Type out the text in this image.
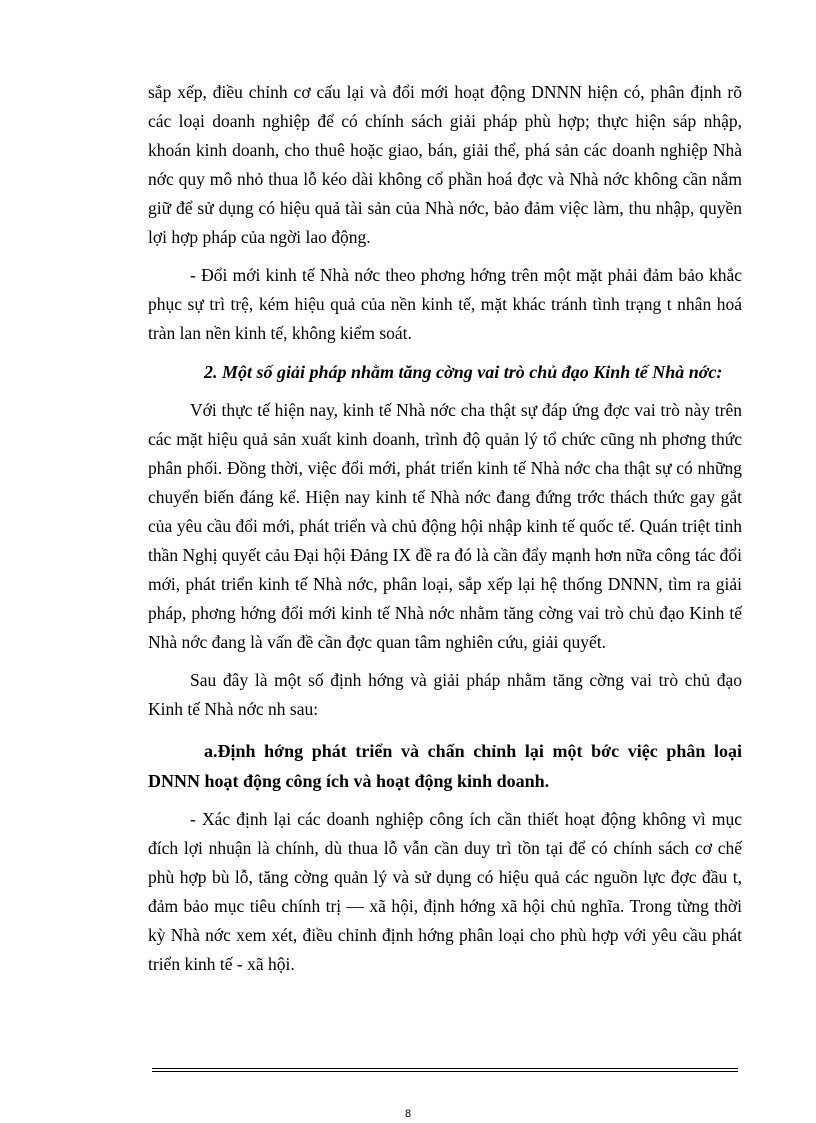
sắp xếp, điều chỉnh cơ cấu lại và đổi mới hoạt động DNNN hiện có, phân định rõ các loại doanh nghiệp để có chính sách giải pháp phù hợp; thực hiện sáp nhập, khoán kinh doanh, cho thuê hoặc giao, bán, giải thể, phá sản các doanh nghiệp Nhà nớc quy mô nhỏ thua lỗ kéo dài không cổ phần hoá đợc và Nhà nớc không cần nắm giữ để sử dụng có hiệu quả tài sản của Nhà nớc, bảo đảm việc làm, thu nhập, quyền lợi hợp pháp của ngời lao động.

- Đổi mới kinh tế Nhà nớc theo phơng hớng trên một mặt phải đảm bảo khắc phục sự trì trệ, kém hiệu quả của nền kinh tế, mặt khác tránh tình trạng t nhân hoá tràn lan nền kinh tế, không kiểm soát.

2. Một số giải pháp nhằm tăng cờng vai trò chủ đạo Kinh tế Nhà nớc:

Với thực tế hiện nay, kinh tế Nhà nớc cha thật sự đáp ứng đợc vai trò này trên các mặt hiệu quả sản xuất kinh doanh, trình độ quản lý tổ chức cũng nh phơng thức phân phối. Đồng thời, việc đổi mới, phát triển kinh tế Nhà nớc cha thật sự có những chuyển biến đáng kể. Hiện nay kinh tế Nhà nớc đang đứng trớc thách thức gay gắt của yêu cầu đổi mới, phát triển và chủ động hội nhập kinh tế quốc tế. Quán triệt tinh thần Nghị quyết cảu Đại hội Đảng IX đề ra đó là cần đẩy mạnh hơn nữa công tác đổi mới, phát triển kinh tế Nhà nớc, phân loại, sắp xếp lại hệ thống DNNN, tìm ra giải pháp, phơng hớng đổi mới kinh tế Nhà nớc nhằm tăng cờng vai trò chủ đạo Kinh tế Nhà nớc đang là vấn đề cần đợc quan tâm nghiên cứu, giải quyết.

Sau đây là một số định hớng và giải pháp nhằm tăng cờng vai trò chủ đạo Kinh tế Nhà nớc nh sau:

a.Định hớng phát triển và chấn chỉnh lại một bớc việc phân loại DNNN hoạt động công ích và hoạt động kinh doanh.

- Xác định lại các doanh nghiệp công ích cần thiết hoạt động không vì mục đích lợi nhuận là chính, dù thua lỗ vẫn cần duy trì tồn tại để có chính sách cơ chế phù hợp bù lỗ, tăng cờng quản lý và sử dụng có hiệu quả các nguồn lực đợc đầu t, đảm bảo mục tiêu chính trị — xã hội, định hớng xã hội chủ nghĩa. Trong từng thời kỳ Nhà nớc xem xét, điều chỉnh định hớng phân loại cho phù hợp với yêu cầu phát triển kinh tế - xã hội.

8
